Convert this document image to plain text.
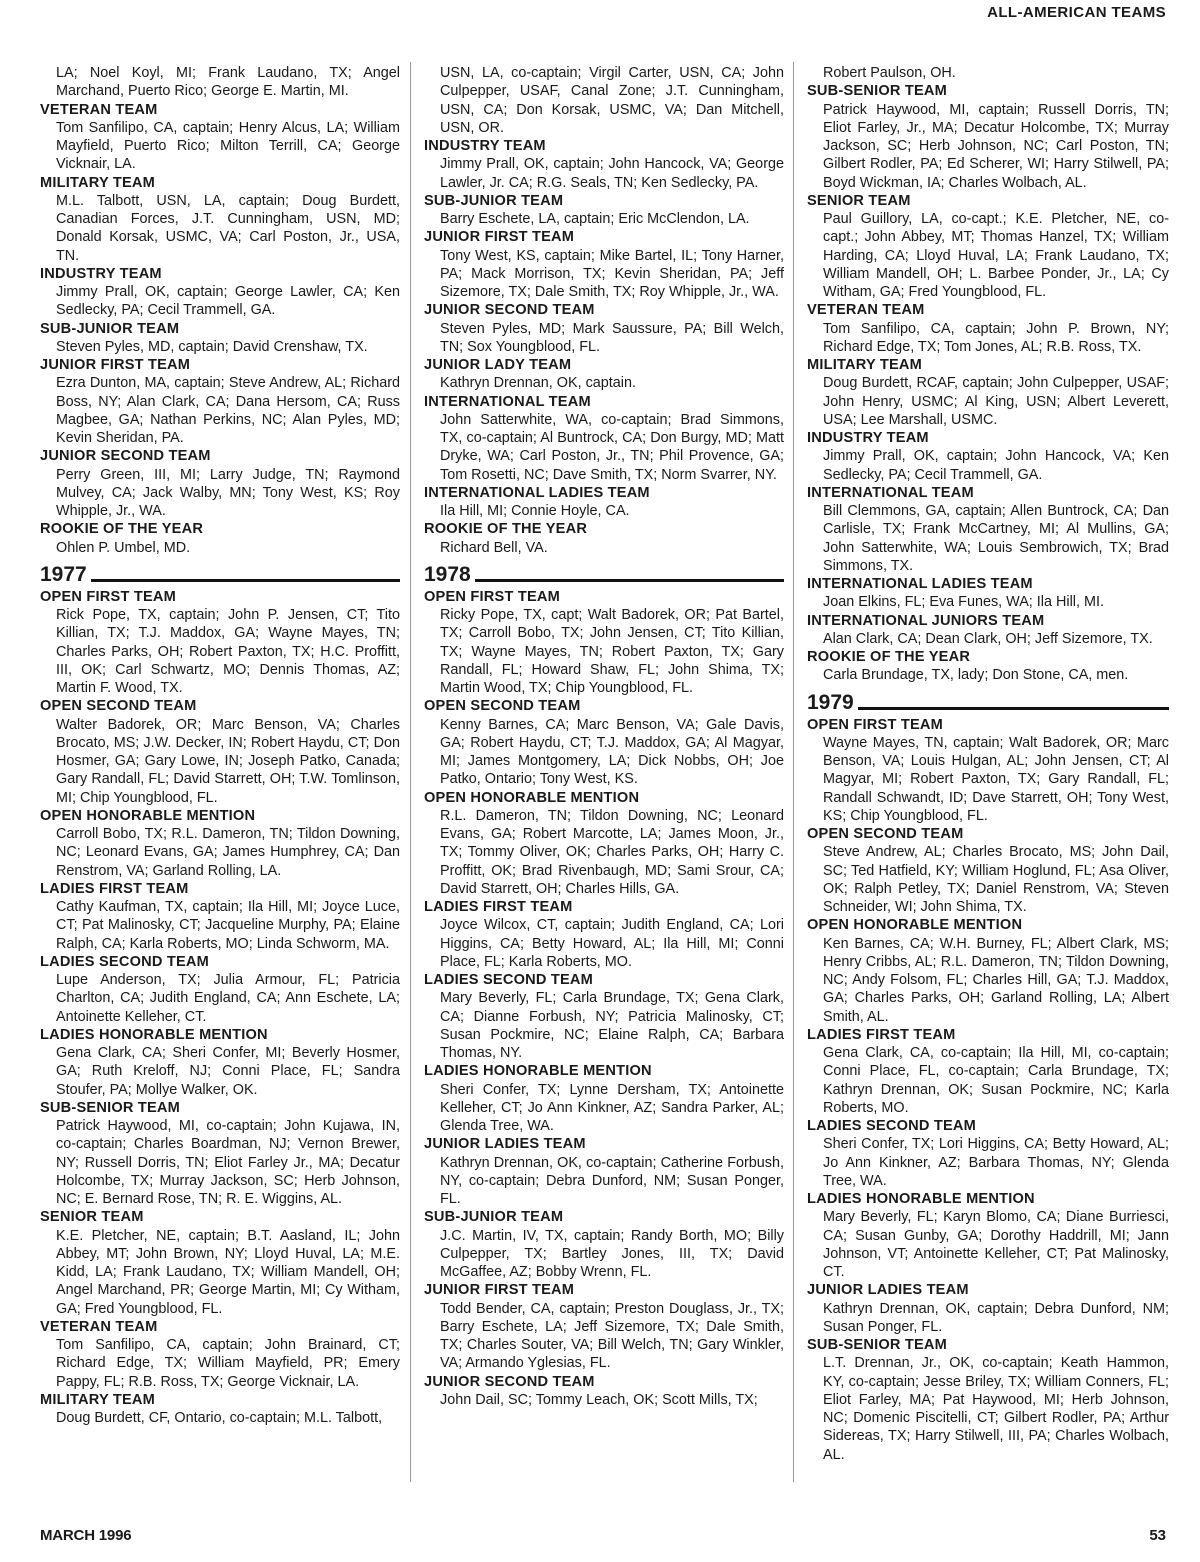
ALL-AMERICAN TEAMS
LA; Noel Koyl, MI; Frank Laudano, TX; Angel Marchand, Puerto Rico; George E. Martin, MI.
VETERAN TEAM
Tom Sanfilipo, CA, captain; Henry Alcus, LA; William Mayfield, Puerto Rico; Milton Terrill, CA; George Vicknair, LA.
MILITARY TEAM
M.L. Talbott, USN, LA, captain; Doug Burdett, Canadian Forces, J.T. Cunningham, USN, MD; Donald Korsak, USMC, VA; Carl Poston, Jr., USA, TN.
INDUSTRY TEAM
Jimmy Prall, OK, captain; George Lawler, CA; Ken Sedlecky, PA; Cecil Trammell, GA.
SUB-JUNIOR TEAM
Steven Pyles, MD, captain; David Crenshaw, TX.
JUNIOR FIRST TEAM
Ezra Dunton, MA, captain; Steve Andrew, AL; Richard Boss, NY; Alan Clark, CA; Dana Hersom, CA; Russ Magbee, GA; Nathan Perkins, NC; Alan Pyles, MD; Kevin Sheridan, PA.
JUNIOR SECOND TEAM
Perry Green, III, MI; Larry Judge, TN; Raymond Mulvey, CA; Jack Walby, MN; Tony West, KS; Roy Whipple, Jr., WA.
ROOKIE OF THE YEAR
Ohlen P. Umbel, MD.
1977
OPEN FIRST TEAM
Rick Pope, TX, captain; John P. Jensen, CT; Tito Killian, TX; T.J. Maddox, GA; Wayne Mayes, TN; Charles Parks, OH; Robert Paxton, TX; H.C. Proffitt, III, OK; Carl Schwartz, MO; Dennis Thomas, AZ; Martin F. Wood, TX.
OPEN SECOND TEAM
Walter Badorek, OR; Marc Benson, VA; Charles Brocato, MS; J.W. Decker, IN; Robert Haydu, CT; Don Hosmer, GA; Gary Lowe, IN; Joseph Patko, Canada; Gary Randall, FL; David Starrett, OH; T.W. Tomlinson, MI; Chip Youngblood, FL.
OPEN HONORABLE MENTION
Carroll Bobo, TX; R.L. Dameron, TN; Tildon Downing, NC; Leonard Evans, GA; James Humphrey, CA; Dan Renstrom, VA; Garland Rolling, LA.
LADIES FIRST TEAM
Cathy Kaufman, TX, captain; Ila Hill, MI; Joyce Luce, CT; Pat Malinosky, CT; Jacqueline Murphy, PA; Elaine Ralph, CA; Karla Roberts, MO; Linda Schworm, MA.
LADIES SECOND TEAM
Lupe Anderson, TX; Julia Armour, FL; Patricia Charlton, CA; Judith England, CA; Ann Eschete, LA; Antoinette Kelleher, CT.
LADIES HONORABLE MENTION
Gena Clark, CA; Sheri Confer, MI; Beverly Hosmer, GA; Ruth Kreloff, NJ; Conni Place, FL; Sandra Stoufer, PA; Mollye Walker, OK.
SUB-SENIOR TEAM
Patrick Haywood, MI, co-captain; John Kujawa, IN, co-captain; Charles Boardman, NJ; Vernon Brewer, NY; Russell Dorris, TN; Eliot Farley Jr., MA; Decatur Holcombe, TX; Murray Jackson, SC; Herb Johnson, NC; E. Bernard Rose, TN; R. E. Wiggins, AL.
SENIOR TEAM
K.E. Pletcher, NE, captain; B.T. Aasland, IL; John Abbey, MT; John Brown, NY; Lloyd Huval, LA; M.E. Kidd, LA; Frank Laudano, TX; William Mandell, OH; Angel Marchand, PR; George Martin, MI; Cy Witham, GA; Fred Youngblood, FL.
VETERAN TEAM
Tom Sanfilipo, CA, captain; John Brainard, CT; Richard Edge, TX; William Mayfield, PR; Emery Pappy, FL; R.B. Ross, TX; George Vicknair, LA.
MILITARY TEAM
Doug Burdett, CF, Ontario, co-captain; M.L. Talbott,
USN, LA, co-captain; Virgil Carter, USN, CA; John Culpepper, USAF, Canal Zone; J.T. Cunningham, USN, CA; Don Korsak, USMC, VA; Dan Mitchell, USN, OR.
INDUSTRY TEAM
Jimmy Prall, OK, captain; John Hancock, VA; George Lawler, Jr. CA; R.G. Seals, TN; Ken Sedlecky, PA.
SUB-JUNIOR TEAM
Barry Eschete, LA, captain; Eric McClendon, LA.
JUNIOR FIRST TEAM
Tony West, KS, captain; Mike Bartel, IL; Tony Harner, PA; Mack Morrison, TX; Kevin Sheridan, PA; Jeff Sizemore, TX; Dale Smith, TX; Roy Whipple, Jr., WA.
JUNIOR SECOND TEAM
Steven Pyles, MD; Mark Saussure, PA; Bill Welch, TN; Sox Youngblood, FL.
JUNIOR LADY TEAM
Kathryn Drennan, OK, captain.
INTERNATIONAL TEAM
John Satterwhite, WA, co-captain; Brad Simmons, TX, co-captain; Al Buntrock, CA; Don Burgy, MD; Matt Dryke, WA; Carl Poston, Jr., TN; Phil Provence, GA; Tom Rosetti, NC; Dave Smith, TX; Norm Svarrer, NY.
INTERNATIONAL LADIES TEAM
Ila Hill, MI; Connie Hoyle, CA.
ROOKIE OF THE YEAR
Richard Bell, VA.
1978
OPEN FIRST TEAM
Ricky Pope, TX, capt; Walt Badorek, OR; Pat Bartel, TX; Carroll Bobo, TX; John Jensen, CT; Tito Killian, TX; Wayne Mayes, TN; Robert Paxton, TX; Gary Randall, FL; Howard Shaw, FL; John Shima, TX; Martin Wood, TX; Chip Youngblood, FL.
OPEN SECOND TEAM
Kenny Barnes, CA; Marc Benson, VA; Gale Davis, GA; Robert Haydu, CT; T.J. Maddox, GA; Al Magyar, MI; James Montgomery, LA; Dick Nobbs, OH; Joe Patko, Ontario; Tony West, KS.
OPEN HONORABLE MENTION
R.L. Dameron, TN; Tildon Downing, NC; Leonard Evans, GA; Robert Marcotte, LA; James Moon, Jr., TX; Tommy Oliver, OK; Charles Parks, OH; Harry C. Proffitt, OK; Brad Rivenbaugh, MD; Sami Srour, CA; David Starrett, OH; Charles Hills, GA.
LADIES FIRST TEAM
Joyce Wilcox, CT, captain; Judith England, CA; Lori Higgins, CA; Betty Howard, AL; Ila Hill, MI; Conni Place, FL; Karla Roberts, MO.
LADIES SECOND TEAM
Mary Beverly, FL; Carla Brundage, TX; Gena Clark, CA; Dianne Forbush, NY; Patricia Malinosky, CT; Susan Pockmire, NC; Elaine Ralph, CA; Barbara Thomas, NY.
LADIES HONORABLE MENTION
Sheri Confer, TX; Lynne Dersham, TX; Antoinette Kelleher, CT; Jo Ann Kinkner, AZ; Sandra Parker, AL; Glenda Tree, WA.
JUNIOR LADIES TEAM
Kathryn Drennan, OK, co-captain; Catherine Forbush, NY, co-captain; Debra Dunford, NM; Susan Ponger, FL.
SUB-JUNIOR TEAM
J.C. Martin, IV, TX, captain; Randy Borth, MO; Billy Culpepper, TX; Bartley Jones, III, TX; David McGaffee, AZ; Bobby Wrenn, FL.
JUNIOR FIRST TEAM
Todd Bender, CA, captain; Preston Douglass, Jr., TX; Barry Eschete, LA; Jeff Sizemore, TX; Dale Smith, TX; Charles Souter, VA; Bill Welch, TN; Gary Winkler, VA; Armando Yglesias, FL.
JUNIOR SECOND TEAM
John Dail, SC; Tommy Leach, OK; Scott Mills, TX;
Robert Paulson, OH.
SUB-SENIOR TEAM
Patrick Haywood, MI, captain; Russell Dorris, TN; Eliot Farley, Jr., MA; Decatur Holcombe, TX; Murray Jackson, SC; Herb Johnson, NC; Carl Poston, TN; Gilbert Rodler, PA; Ed Scherer, WI; Harry Stilwell, PA; Boyd Wickman, IA; Charles Wolbach, AL.
SENIOR TEAM
Paul Guillory, LA, co-capt.; K.E. Pletcher, NE, co-capt.; John Abbey, MT; Thomas Hanzel, TX; William Harding, CA; Lloyd Huval, LA; Frank Laudano, TX; William Mandell, OH; L. Barbee Ponder, Jr., LA; Cy Witham, GA; Fred Youngblood, FL.
VETERAN TEAM
Tom Sanfilipo, CA, captain; John P. Brown, NY; Richard Edge, TX; Tom Jones, AL; R.B. Ross, TX.
MILITARY TEAM
Doug Burdett, RCAF, captain; John Culpepper, USAF; John Henry, USMC; Al King, USN; Albert Leverett, USA; Lee Marshall, USMC.
INDUSTRY TEAM
Jimmy Prall, OK, captain; John Hancock, VA; Ken Sedlecky, PA; Cecil Trammell, GA.
INTERNATIONAL TEAM
Bill Clemmons, GA, captain; Allen Buntrock, CA; Dan Carlisle, TX; Frank McCartney, MI; Al Mullins, GA; John Satterwhite, WA; Louis Sembrowich, TX; Brad Simmons, TX.
INTERNATIONAL LADIES TEAM
Joan Elkins, FL; Eva Funes, WA; Ila Hill, MI.
INTERNATIONAL JUNIORS TEAM
Alan Clark, CA; Dean Clark, OH; Jeff Sizemore, TX.
ROOKIE OF THE YEAR
Carla Brundage, TX, lady; Don Stone, CA, men.
1979
OPEN FIRST TEAM
Wayne Mayes, TN, captain; Walt Badorek, OR; Marc Benson, VA; Louis Hulgan, AL; John Jensen, CT; Al Magyar, MI; Robert Paxton, TX; Gary Randall, FL; Randall Schwandt, ID; Dave Starrett, OH; Tony West, KS; Chip Youngblood, FL.
OPEN SECOND TEAM
Steve Andrew, AL; Charles Brocato, MS; John Dail, SC; Ted Hatfield, KY; William Hoglund, FL; Asa Oliver, OK; Ralph Petley, TX; Daniel Renstrom, VA; Steven Schneider, WI; John Shima, TX.
OPEN HONORABLE MENTION
Ken Barnes, CA; W.H. Burney, FL; Albert Clark, MS; Henry Cribbs, AL; R.L. Dameron, TN; Tildon Downing, NC; Andy Folsom, FL; Charles Hill, GA; T.J. Maddox, GA; Charles Parks, OH; Garland Rolling, LA; Albert Smith, AL.
LADIES FIRST TEAM
Gena Clark, CA, co-captain; Ila Hill, MI, co-captain; Conni Place, FL, co-captain; Carla Brundage, TX; Kathryn Drennan, OK; Susan Pockmire, NC; Karla Roberts, MO.
LADIES SECOND TEAM
Sheri Confer, TX; Lori Higgins, CA; Betty Howard, AL; Jo Ann Kinkner, AZ; Barbara Thomas, NY; Glenda Tree, WA.
LADIES HONORABLE MENTION
Mary Beverly, FL; Karyn Blomo, CA; Diane Burriesci, CA; Susan Gunby, GA; Dorothy Haddrill, MI; Jann Johnson, VT; Antoinette Kelleher, CT; Pat Malinosky, CT.
JUNIOR LADIES TEAM
Kathryn Drennan, OK, captain; Debra Dunford, NM; Susan Ponger, FL.
SUB-SENIOR TEAM
L.T. Drennan, Jr., OK, co-captain; Keath Hammon, KY, co-captain; Jesse Briley, TX; William Conners, FL; Eliot Farley, MA; Pat Haywood, MI; Herb Johnson, NC; Domenic Piscitelli, CT; Gilbert Rodler, PA; Arthur Sidereas, TX; Harry Stilwell, III, PA; Charles Wolbach, AL.
MARCH 1996	53
